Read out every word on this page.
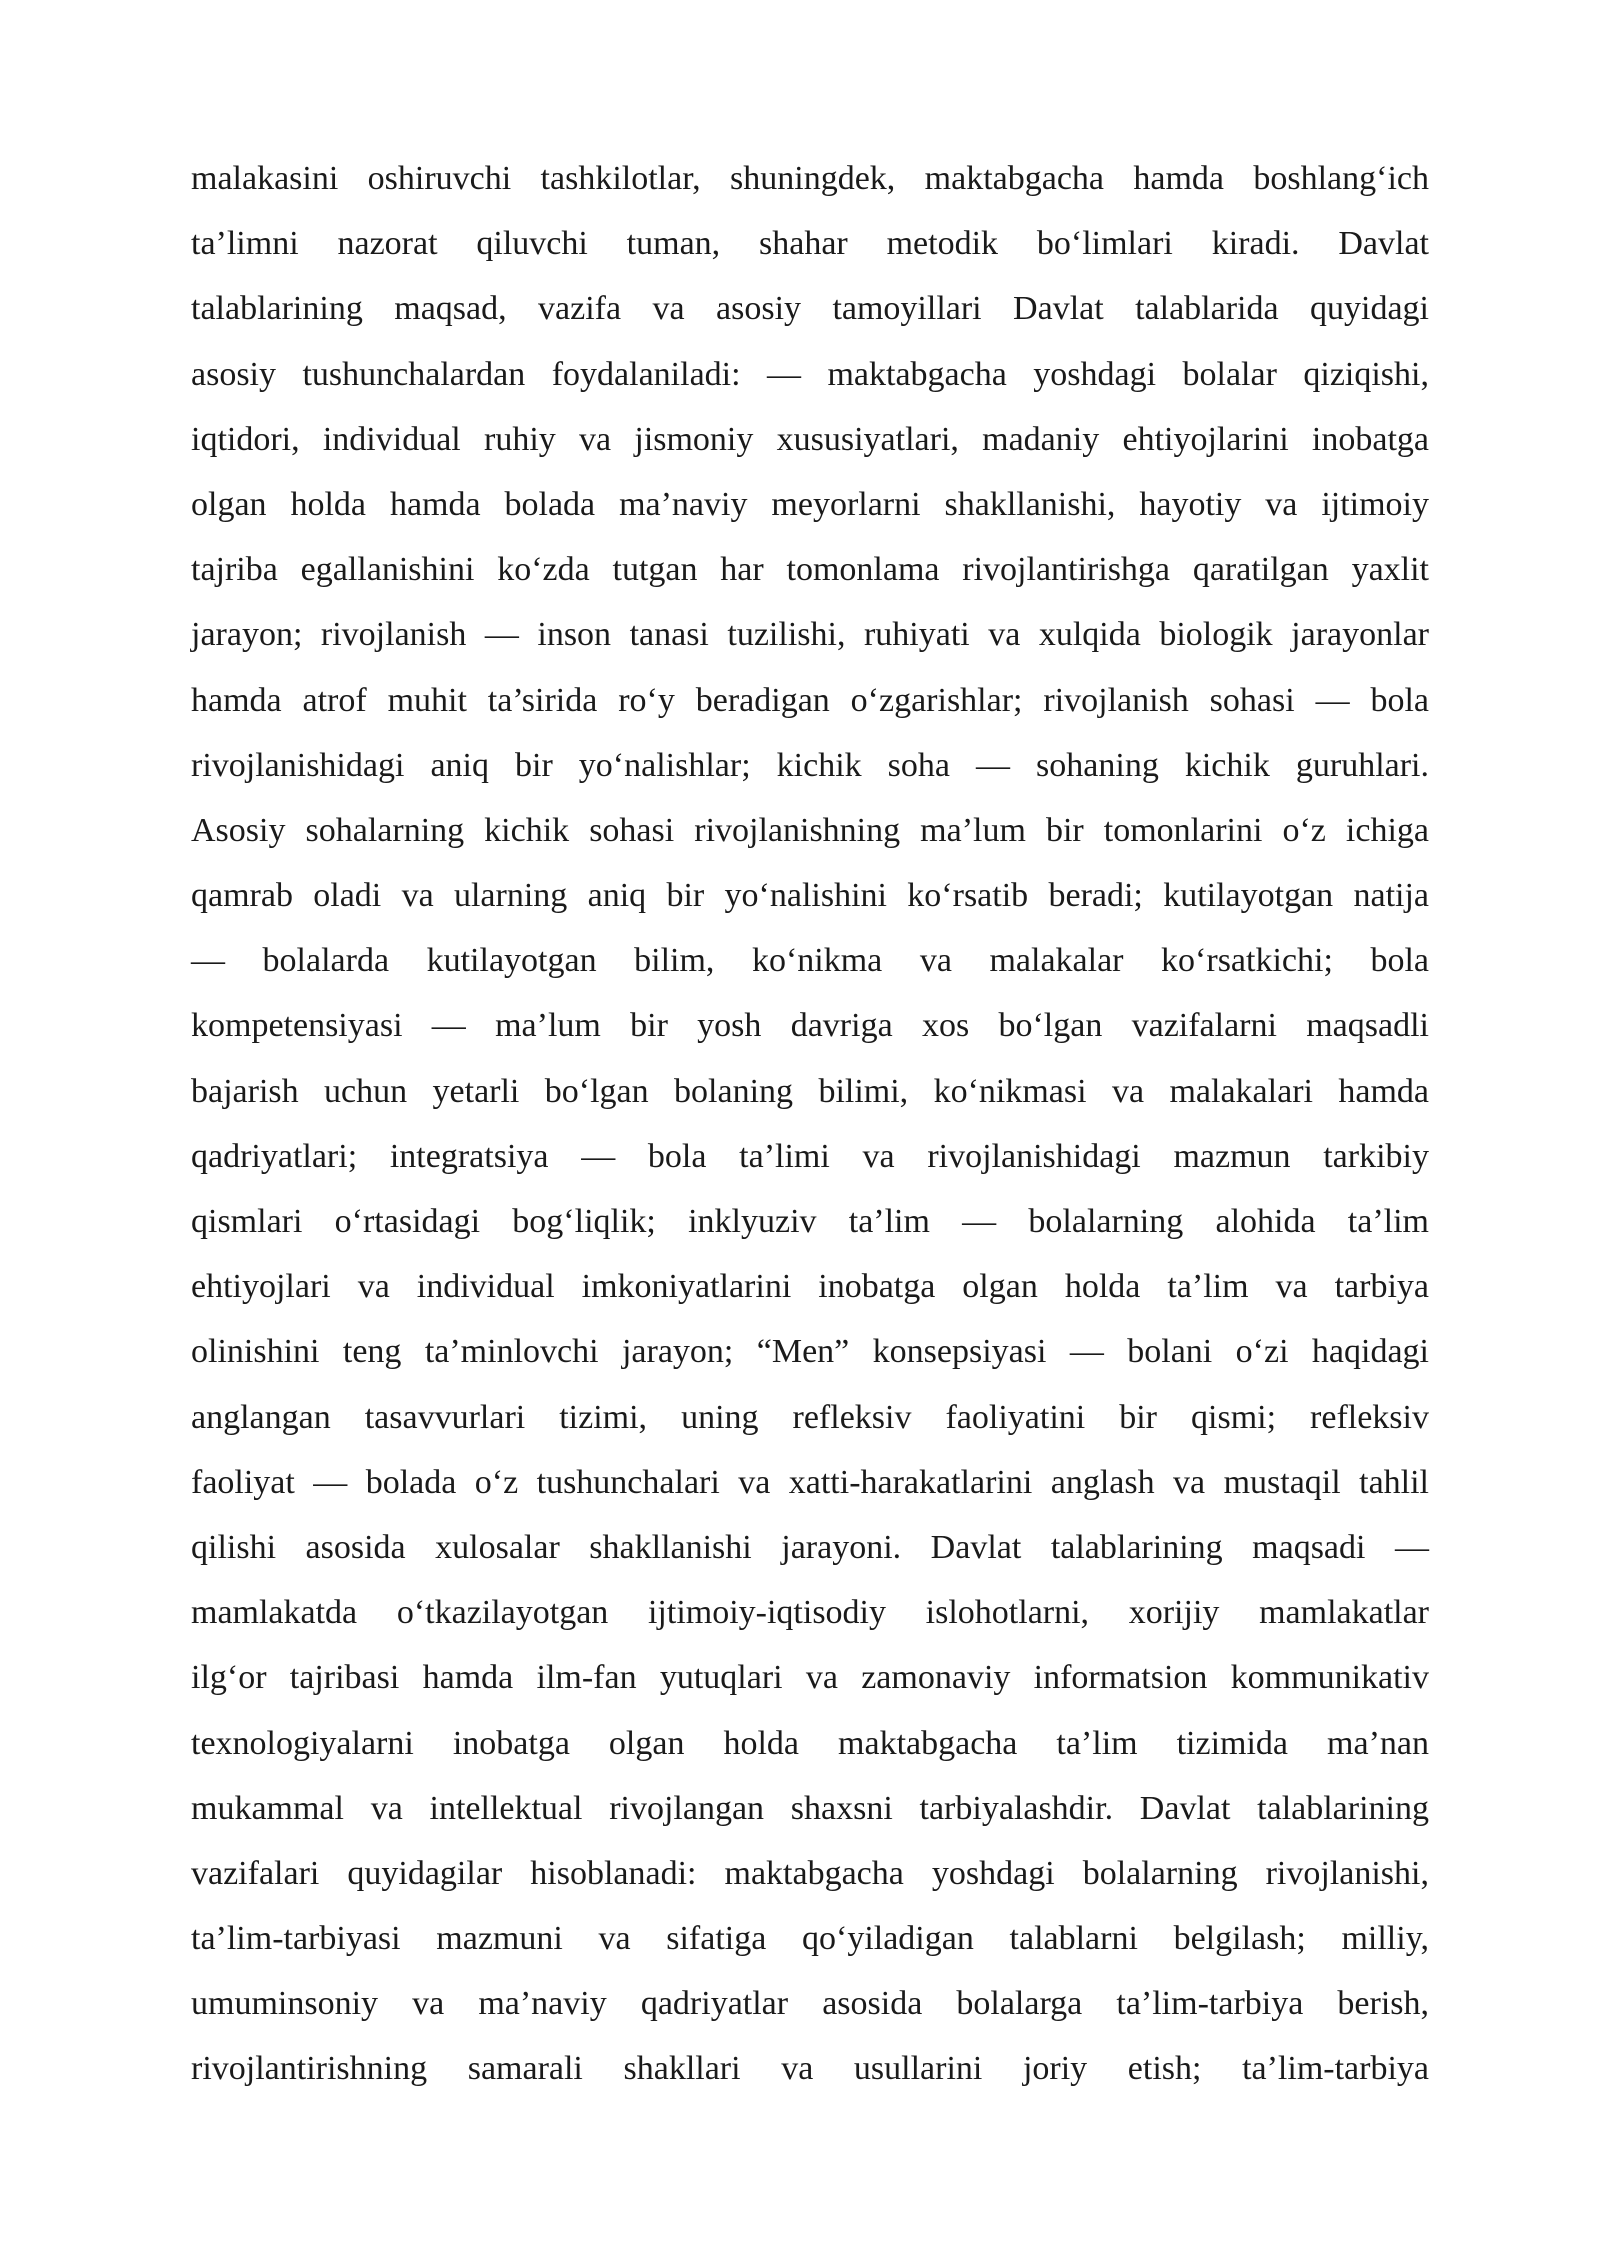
malakasini oshiruvchi tashkilotlar, shuningdek, maktabgacha hamda boshlang‘ich
ta’limni nazorat qiluvchi tuman, shahar metodik bo‘limlari kiradi. Davlat
talablarining maqsad, vazifa va asosiy tamoyillari Davlat talablarida quyidagi
asosiy tushunchalardan foydalaniladi: — maktabgacha yoshdagi bolalar qiziqishi,
iqtidori, individual ruhiy va jismoniy xususiyatlari, madaniy ehtiyojlarini inobatga
olgan holda hamda bolada ma’naviy meyorlarni shakllanishi, hayotiy va ijtimoiy
tajriba egallanishini ko‘zda tutgan har tomonlama rivojlantirishga qaratilgan yaxlit
jarayon; rivojlanish — inson tanasi tuzilishi, ruhiyati va xulqida biologik jarayonlar
hamda atrof muhit ta’sirida ro‘y beradigan o‘zgarishlar; rivojlanish sohasi — bola
rivojlanishidagi aniq bir yo‘nalishlar; kichik soha — sohaning kichik guruhlari.
Asosiy sohalarning kichik sohasi rivojlanishning ma’lum bir tomonlarini o‘z ichiga
qamrab oladi va ularning aniq bir yo‘nalishini ko‘rsatib beradi; kutilayotgan natija
— bolalarda kutilayotgan bilim, ko‘nikma va malakalar ko‘rsatkichi; bola
kompetensiyasi — ma’lum bir yosh davriga xos bo‘lgan vazifalarni maqsadli
bajarish uchun yetarli bo‘lgan bolaning bilimi, ko‘nikmasi va malakalari hamda
qadriyatlari; integratsiya — bola ta’limi va rivojlanishidagi mazmun tarkibiy
qismlari o‘rtasidagi bog‘liqlik; inklyuziv ta’lim — bolalarning alohida ta’lim
ehtiyojlari va individual imkoniyatlarini inobatga olgan holda ta’lim va tarbiya
olinishini teng ta’minlovchi jarayon; “Men” konsepsiyasi — bolani o‘zi haqidagi
anglangan tasavvurlari tizimi, uning refleksiv faoliyatini bir qismi; refleksiv
faoliyat — bolada o‘z tushunchalari va xatti-harakatlarini anglash va mustaqil tahlil
qilishi asosida xulosalar shakllanishi jarayoni. Davlat talablarining maqsadi —
mamlakatda o‘tkazilayotgan ijtimoiy-iqtisodiy islohotlarni, xorijiy mamlakatlar
ilg‘or tajribasi hamda ilm-fan yutuqlari va zamonaviy informatsion kommunikativ
texnologiyalarni inobatga olgan holda maktabgacha ta’lim tizimida ma’nan
mukammal va intellektual rivojlangan shaxsni tarbiyalashdir. Davlat talablarining
vazifalari quyidagilar hisoblanadi: maktabgacha yoshdagi bolalarning rivojlanishi,
ta’lim-tarbiyasi mazmuni va sifatiga qo‘yiladigan talablarni belgilash; milliy,
umuminsoniy va ma’naviy qadriyatlar asosida bolalarga ta’lim-tarbiya berish,
rivojlantirishning samarali shakllari va usullarini joriy etish; ta’lim-tarbiya
